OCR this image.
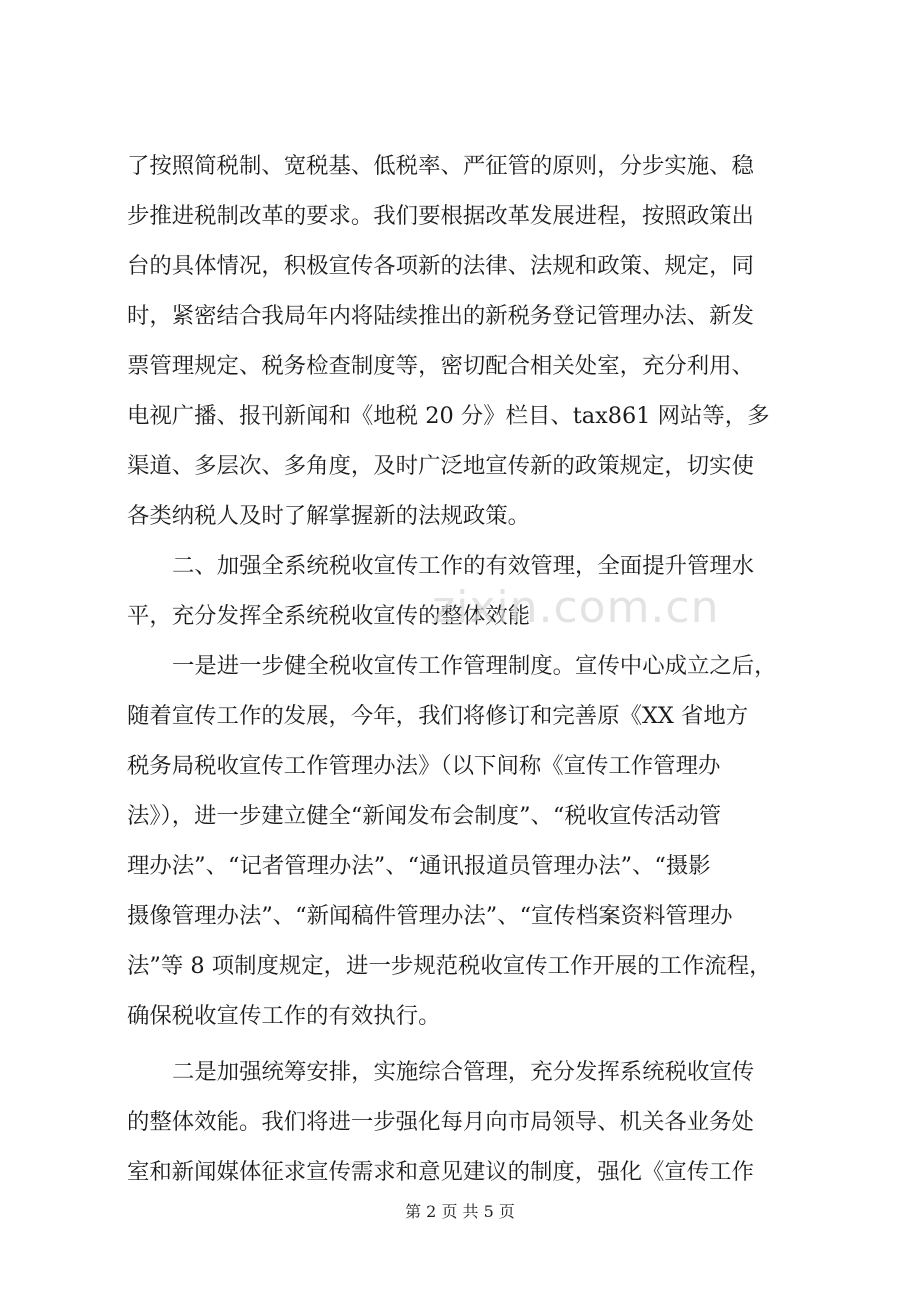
了按照简税制、宽税基、低税率、严征管的原则，分步实施、稳
步推进税制改革的要求。我们要根据改革发展进程，按照政策出
台的具体情况，积极宣传各项新的法律、法规和政策、规定，同
时，紧密结合我局年内将陆续推出的新税务登记管理办法、新发
票管理规定、税务检查制度等，密切配合相关处室，充分利用、
电视广播、报刊新闻和《地税 20 分》栏目、tax861 网站等，多
渠道、多层次、多角度，及时广泛地宣传新的政策规定，切实使
各类纳税人及时了解掌握新的法规政策。
二、加强全系统税收宣传工作的有效管理，全面提升管理水
平，充分发挥全系统税收宣传的整体效能
一是进一步健全税收宣传工作管理制度。宣传中心成立之后，
随着宣传工作的发展，今年，我们将修订和完善原《XX 省地方
税务局税收宣传工作管理办法》（以下间称《宣传工作管理办
法》），进一步建立健全“新闻发布会制度”、“税收宣传活动管
理办法”、“记者管理办法”、“通讯报道员管理办法”、“摄影
摄像管理办法”、“新闻稿件管理办法”、“宣传档案资料管理办
法”等 8 项制度规定，进一步规范税收宣传工作开展的工作流程，
确保税收宣传工作的有效执行。
二是加强统筹安排，实施综合管理，充分发挥系统税收宣传
的整体效能。我们将进一步强化每月向市局领导、机关各业务处
室和新闻媒体征求宣传需求和意见建议的制度，强化《宣传工作
zixin.com.cn
第 2 页 共 5 页
